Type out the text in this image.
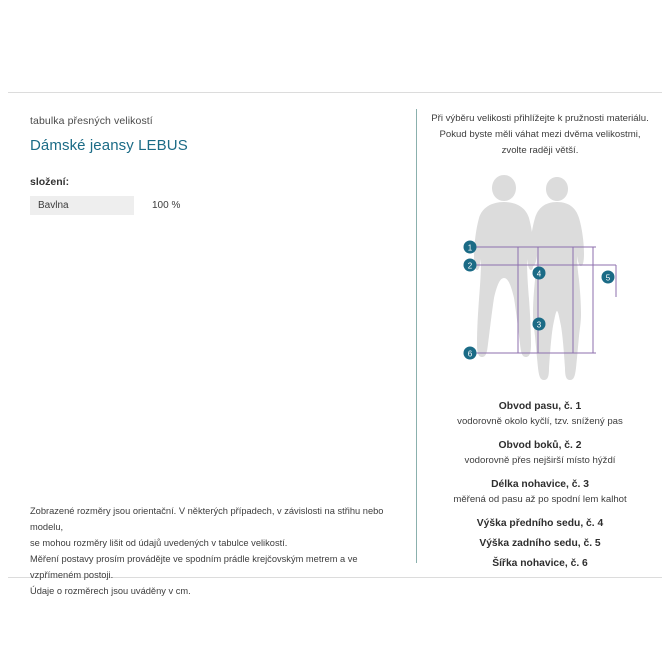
tabulka přesných velikostí

Dámské jeansy LEBUS

složení:

Bavlna	100 %

Zobrazené rozměry jsou orientační. V některých případech, v závislosti na střihu nebo modelu,

se mohou rozměry lišit od údajů uvedených v tabulce velikostí.

Měření postavy prosím provádějte ve spodním prádle krejčovským metrem a ve vzpřímeném postoji.

Údaje o rozměrech jsou uváděny v cm.

Při výběru velikosti přihlížejte k pružnosti materiálu.
Pokud byste měli váhat mezi dvěma velikostmi,
zvolte raději větší.

1
2
3
4	5
6
Obvod pasu, č. 1
vodorovně okolo kyčlí, tzv. snížený pas
Obvod boků, č. 2
vodorovně přes nejširší místo hýždí
Délka nohavice, č. 3
měřená od pasu až po spodní lem kalhot
Výška předního sedu, č. 4
Výška zadního sedu, č. 5
Šířka nohavice, č. 6
